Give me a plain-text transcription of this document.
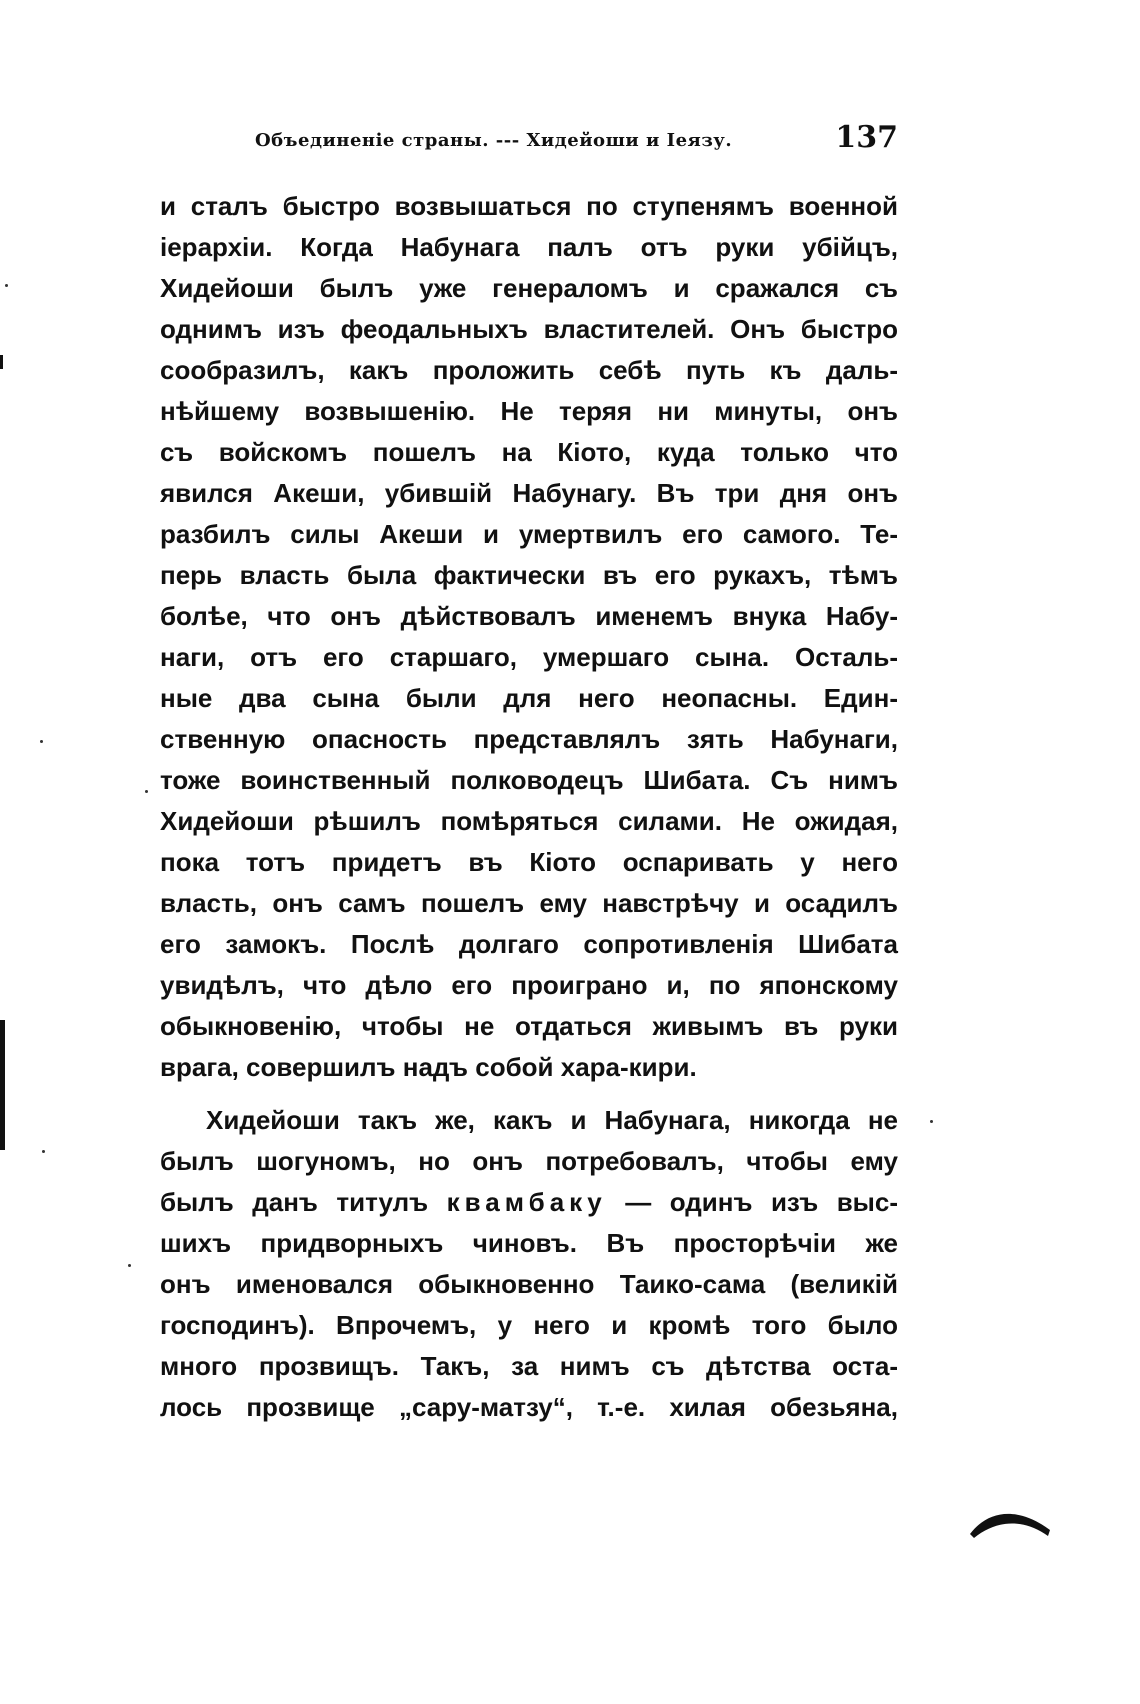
Объединеніе страны. --- Хидейоши и Іеязу.	137
и сталъ быстро возвышаться по ступенямъ военной
іерархіи. Когда Набунага палъ отъ руки убійцъ,
Хидейоши былъ уже генераломъ и сражался съ
однимъ изъ феодальныхъ властителей. Онъ быстро
сообразилъ, какъ проложить себѣ путь къ даль-
нѣйшему возвышенію. Не теряя ни минуты, онъ
съ войскомъ пошелъ на Кіото, куда только что
явился Акеши, убившій Набунагу. Въ три дня онъ
разбилъ силы Акеши и умертвилъ его самого. Те-
перь власть была фактически въ его рукахъ, тѣмъ
болѣе, что онъ дѣйствовалъ именемъ внука Набу-
наги, отъ его старшаго, умершаго сына. Осталь-
ные два сына были для него неопасны. Един-
ственную опасность представлялъ зять Набунаги,
тоже воинственный полководецъ Шибата. Съ нимъ
Хидейоши рѣшилъ помѣряться силами. Не ожидая,
пока тотъ придетъ въ Кіото оспаривать у него
власть, онъ самъ пошелъ ему навстрѣчу и осадилъ
его замокъ. Послѣ долгаго сопротивленія Шибата
увидѣлъ, что дѣло его проиграно и, по японскому
обыкновенію, чтобы не отдаться живымъ въ руки
врага, совершилъ надъ собой хара-кири.
Хидейоши такъ же, какъ и Набунага, никогда не
былъ шогуномъ, но онъ потребовалъ, чтобы ему
былъ данъ титулъ квамбаку — одинъ изъ выс-
шихъ придворныхъ чиновъ. Въ просторѣчіи же
онъ именовался обыкновенно Таико-сама (великій
господинъ). Впрочемъ, у него и кромѣ того было
много прозвищъ. Такъ, за нимъ съ дѣтства оста-
лось прозвище „сару-матзу“, т.-е. хилая обезьяна,
